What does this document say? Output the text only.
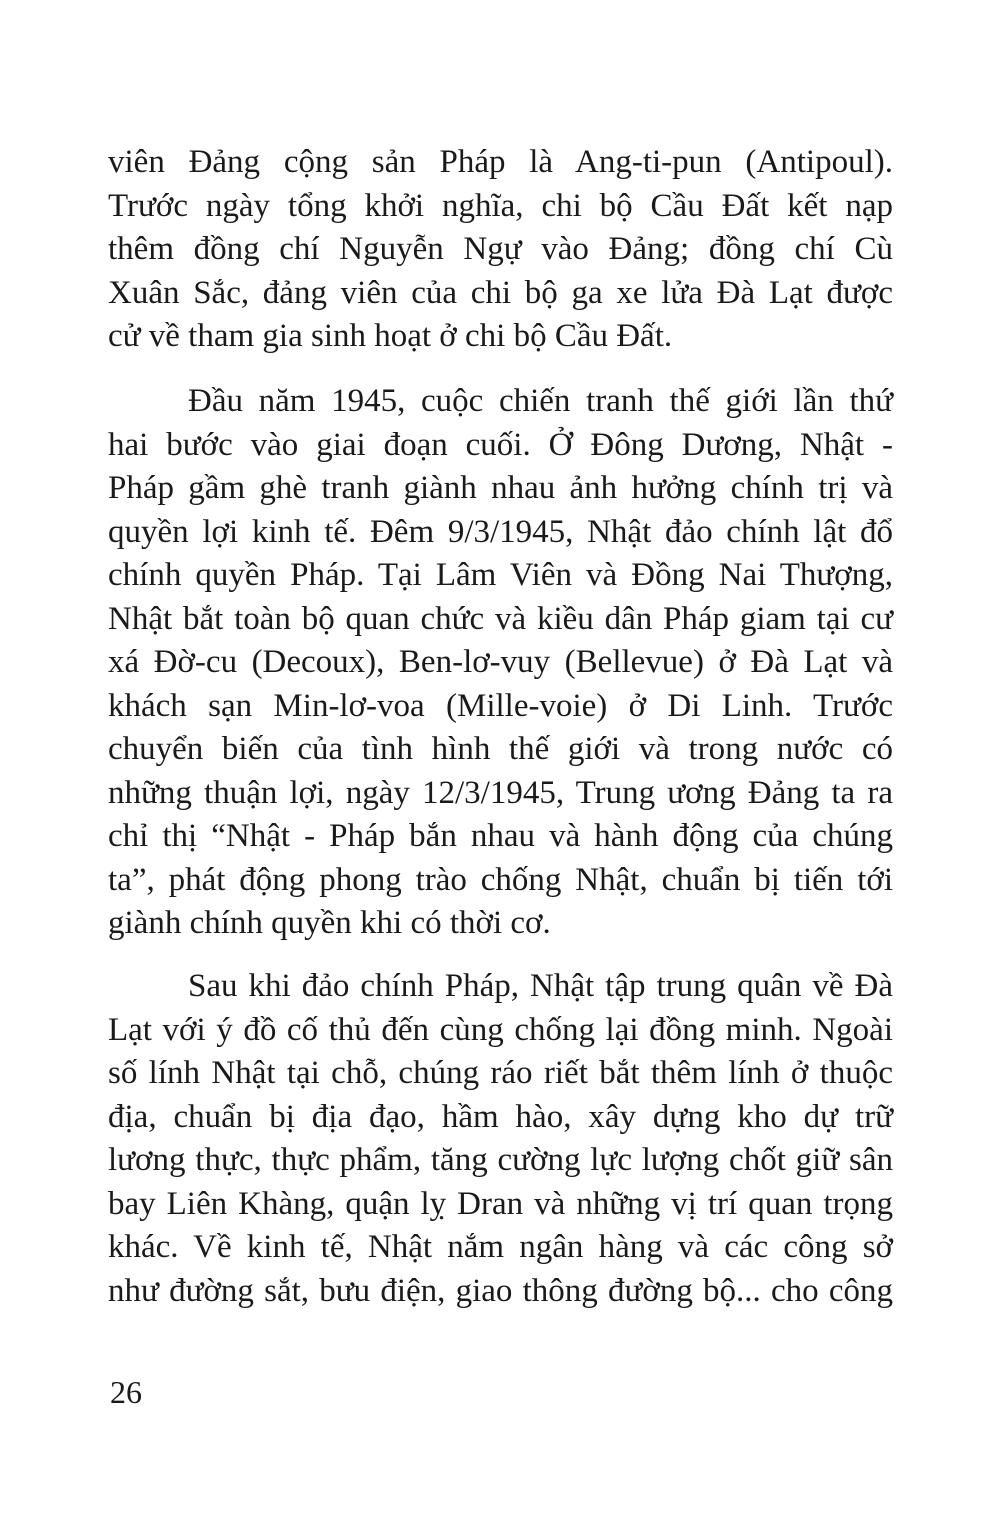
viên Đảng cộng sản Pháp là Ang-ti-pun (Antipoul).
Trước ngày tổng khởi nghĩa, chi bộ Cầu Đất kết nạp
thêm đồng chí Nguyễn Ngự vào Đảng; đồng chí Cù
Xuân Sắc, đảng viên của chi bộ ga xe lửa Đà Lạt được
cử về tham gia sinh hoạt ở chi bộ Cầu Đất.
Đầu năm 1945, cuộc chiến tranh thế giới lần thứ
hai bước vào giai đoạn cuối. Ở Đông Dương, Nhật -
Pháp gầm ghè tranh giành nhau ảnh hưởng chính trị và
quyền lợi kinh tế. Đêm 9/3/1945, Nhật đảo chính lật đổ
chính quyền Pháp. Tại Lâm Viên và Đồng Nai Thượng,
Nhật bắt toàn bộ quan chức và kiều dân Pháp giam tại cư
xá Đờ-cu (Decoux), Ben-lơ-vuy (Bellevue) ở Đà Lạt và
khách sạn Min-lơ-voa (Mille-voie) ở Di Linh. Trước
chuyển biến của tình hình thế giới và trong nước có
những thuận lợi, ngày 12/3/1945, Trung ương Đảng ta ra
chỉ thị “Nhật - Pháp bắn nhau và hành động của chúng
ta”, phát động phong trào chống Nhật, chuẩn bị tiến tới
giành chính quyền khi có thời cơ.
Sau khi đảo chính Pháp, Nhật tập trung quân về Đà
Lạt với ý đồ cố thủ đến cùng chống lại đồng minh. Ngoài
số lính Nhật tại chỗ, chúng ráo riết bắt thêm lính ở thuộc
địa, chuẩn bị địa đạo, hầm hào, xây dựng kho dự trữ
lương thực, thực phẩm, tăng cường lực lượng chốt giữ sân
bay Liên Khàng, quận lỵ Dran và những vị trí quan trọng
khác. Về kinh tế, Nhật nắm ngân hàng và các công sở
như đường sắt, bưu điện, giao thông đường bộ... cho công
26
